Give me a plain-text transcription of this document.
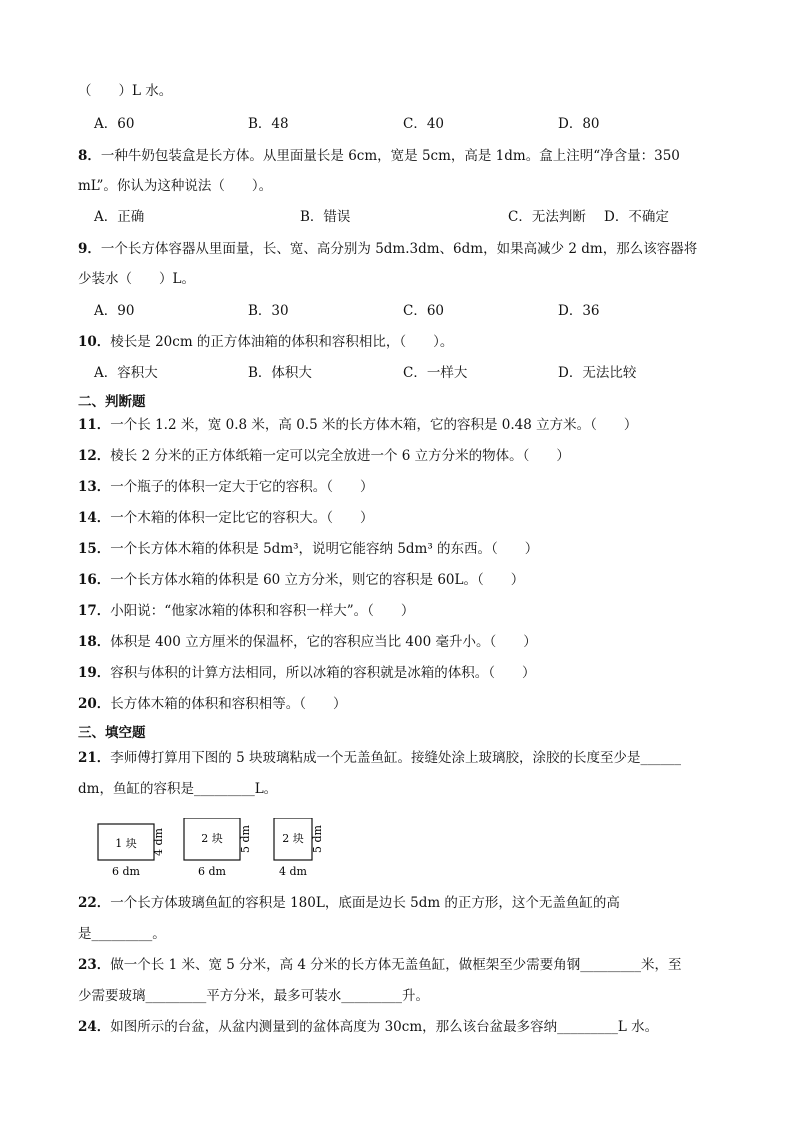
（　　）L 水。
A．60	B．48	C．40	D．80
8．一种牛奶包装盒是长方体。从里面量长是 6cm，宽是 5cm，高是 1dm。盒上注明“净含量：350
mL”。你认为这种说法（　　）。
A．正确	B．错误	C．无法判断 D．不确定
9．一个长方体容器从里面量，长、宽、高分别为 5dm.3dm、6dm，如果高减少 2 dm，那么该容器将
少装水（　　）L。
A．90	B．30	C．60	D．36
10．棱长是 20cm 的正方体油箱的体积和容积相比，（　　）。
A．容积大	B．体积大	C．一样大	D．无法比较
二、判断题
11．一个长 1.2 米，宽 0.8 米，高 0.5 米的长方体木箱，它的容积是 0.48 立方米。（　　）
12．棱长 2 分米的正方体纸箱一定可以完全放进一个 6 立方分米的物体。（　　）
13．一个瓶子的体积一定大于它的容积。（　　）
14．一个木箱的体积一定比它的容积大。（　　）
15．一个长方体木箱的体积是 5dm³，说明它能容纳 5dm³ 的东西。（　　）
16．一个长方体水箱的体积是 60 立方分米，则它的容积是 60L。（　　）
17．小阳说：“他家冰箱的体积和容积一样大”。（　　）
18．体积是 400 立方厘米的保温杯，它的容积应当比 400 毫升小。（　　）
19．容积与体积的计算方法相同，所以冰箱的容积就是冰箱的体积。（　　）
20．长方体木箱的体积和容积相等。（　　）
三、填空题
21．李师傅打算用下图的 5 块玻璃粘成一个无盖鱼缸。接缝处涂上玻璃胶，涂胶的长度至少是______
dm，鱼缸的容积是_________L。
1 块
6 dm
4 dm	2 块
6 dm
5 dm	2 块
4 dm
5 dm
22．一个长方体玻璃鱼缸的容积是 180L，底面是边长 5dm 的正方形，这个无盖鱼缸的高
是_________。
23．做一个长 1 米、宽 5 分米，高 4 分米的长方体无盖鱼缸，做框架至少需要角钢_________米，至
少需要玻璃_________平方分米，最多可装水_________升。
24．如图所示的台盆，从盆内测量到的盆体高度为 30cm，那么该台盆最多容纳_________L 水。
